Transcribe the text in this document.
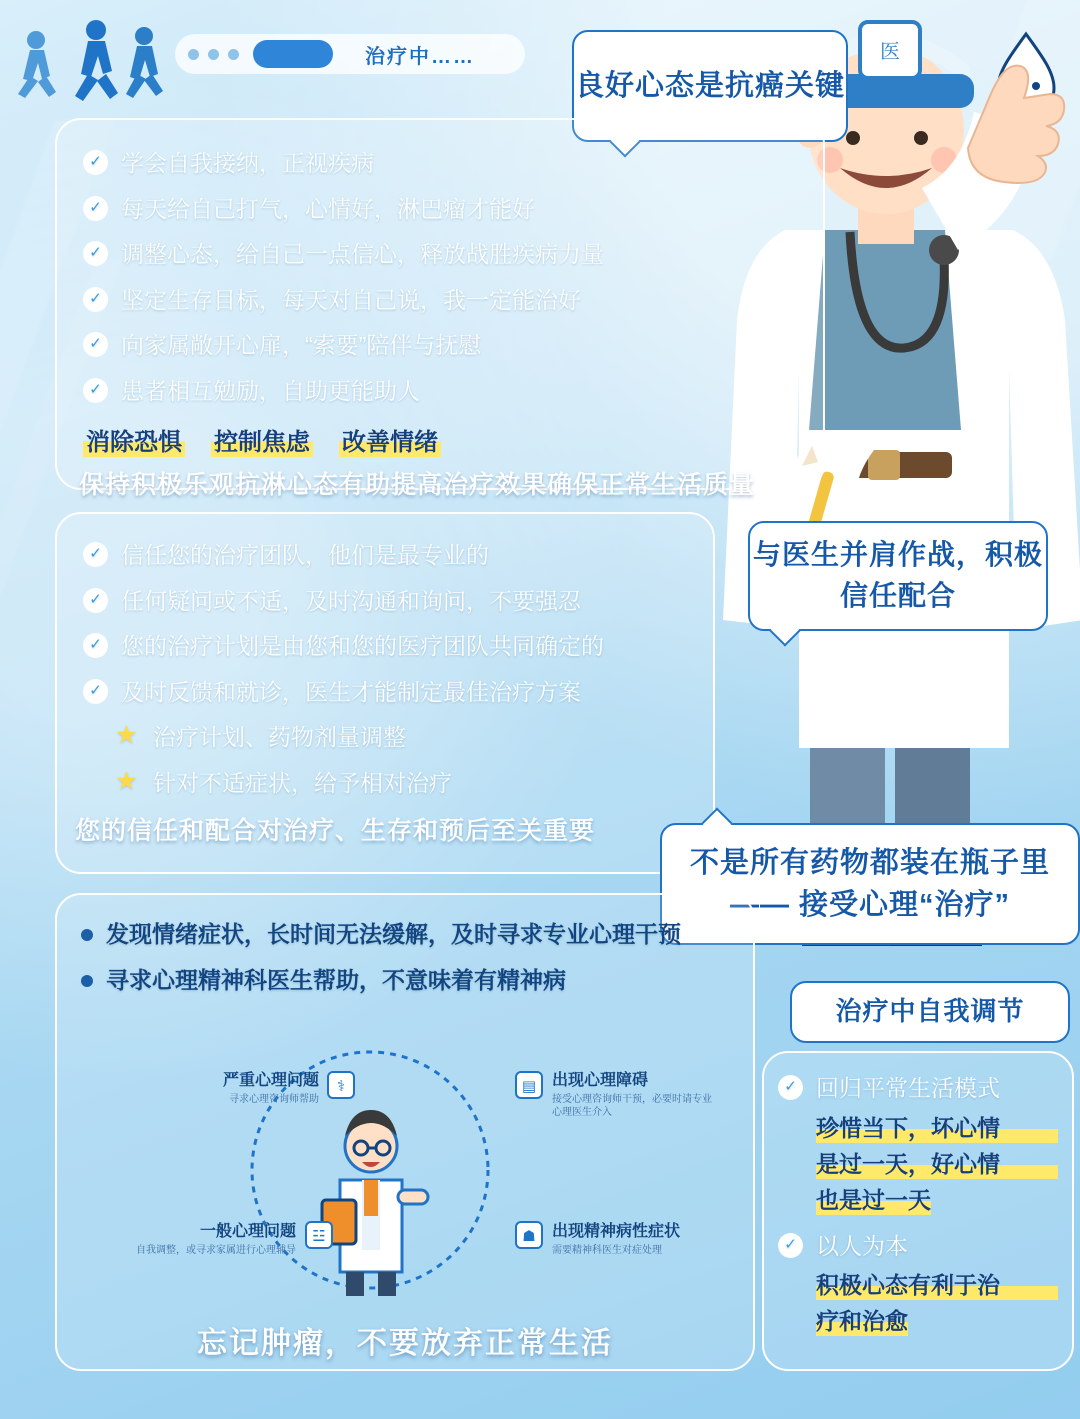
治疗中……	医
良好心态是抗癌关键
✓ 学会自我接纳，正视疾病
✓ 每天给自己打气，心情好，淋巴瘤才能好
✓ 调整心态，给自己一点信心，释放战胜疾病力量
✓ 坚定生存目标，每天对自己说，我一定能治好
✓ 向家属敞开心扉，“索要”陪伴与抚慰
✓ 患者相互勉励，自助更能助人
消除恐惧 控制焦虑 改善情绪
保持积极乐观抗淋心态有助提高治疗效果确保正常生活质量
与医生并肩作战，积极信任配合
✓ 信任您的治疗团队，他们是最专业的
✓ 任何疑问或不适，及时沟通和询问，不要强忍
✓ 您的治疗计划是由您和您的医疗团队共同确定的
✓ 及时反馈和就诊，医生才能制定最佳治疗方案
★ 治疗计划、药物剂量调整
★ 针对不适症状，给予相对治疗
您的信任和配合对治疗、生存和预后至关重要
不是所有药物都装在瓶子里 —— 接受心理“治疗”
治疗中自我调节
发现情绪症状，长时间无法缓解，及时寻求专业心理干预
寻求心理精神科医生帮助，不意味着有精神病
⚕	▤
☗
☳
严重心理问题
寻求心理咨询师帮助
出现心理障碍
接受心理咨询师干预，必要时请专业
心理医生介入
出现精神病性症状
需要精神科医生对症处理
一般心理问题
自我调整，或寻求家属进行心理辅导
忘记肿瘤，不要放弃正常生活
✓ 回归平常生活模式
珍惜当下，坏心情
是过一天，好心情
也是过一天
✓ 以人为本
积极心态有利于治
疗和治愈
